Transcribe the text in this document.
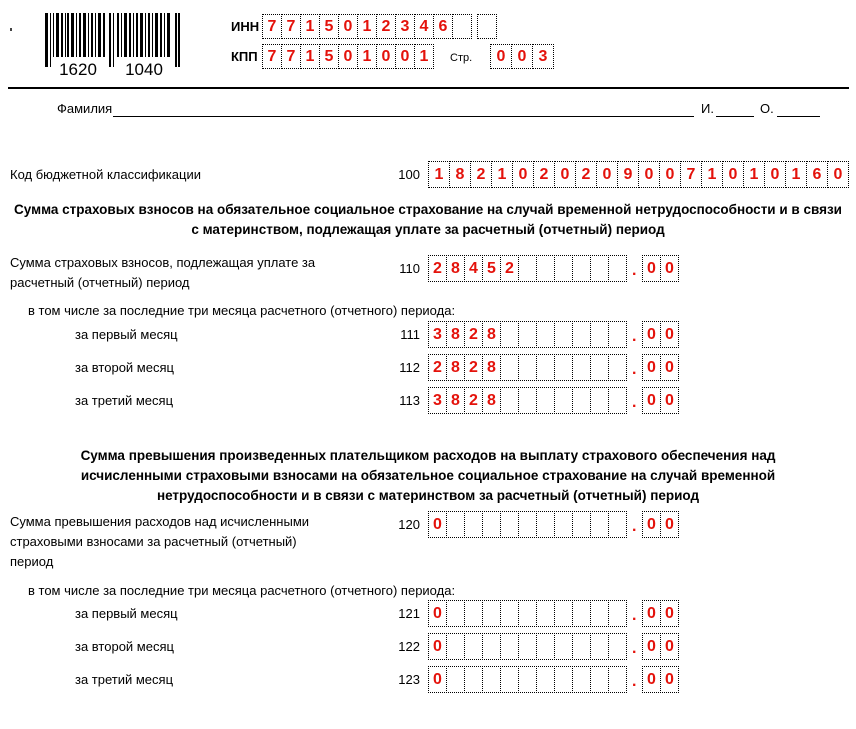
1620 1040
ИНН 7 7 1 5 0 1 2 3 4 6
КПП 7 7 1 5 0 1 0 0 1	Стр.	0 0 3
Фамилия	И.	О.
Код бюджетной классификации	100 1 8 2 1 0 2 0 2 0 9 0 0 7 1 0 1 0 1 6 0
Сумма страховых взносов на обязательное социальное страхование на случай временной нетрудоспособности и в связи с материнством, подлежащая уплате за расчетный (отчетный) период
Сумма страховых взносов, подлежащая уплате за расчетный (отчетный) период
110 2 8 4 5 2	. 0 0
в том числе за последние три месяца расчетного (отчетного) периода:
за первый месяц	111 3 8 2 8	. 0 0
за второй месяц	112 2 8 2 8	. 0 0
за третий месяц	113 3 8 2 8	. 0 0
Сумма превышения произведенных плательщиком расходов на выплату страхового обеспечения над исчисленными страховыми взносами на обязательное социальное страхование на случай временной нетрудоспособности и в связи с материнством за расчетный (отчетный) период
Сумма превышения расходов над исчисленными страховыми взносами за расчетный (отчетный) период
120 0	. 0 0
в том числе за последние три месяца расчетного (отчетного) периода:
за первый месяц	121 0	. 0 0
за второй месяц	122 0	. 0 0
за третий месяц	123 0	. 0 0
